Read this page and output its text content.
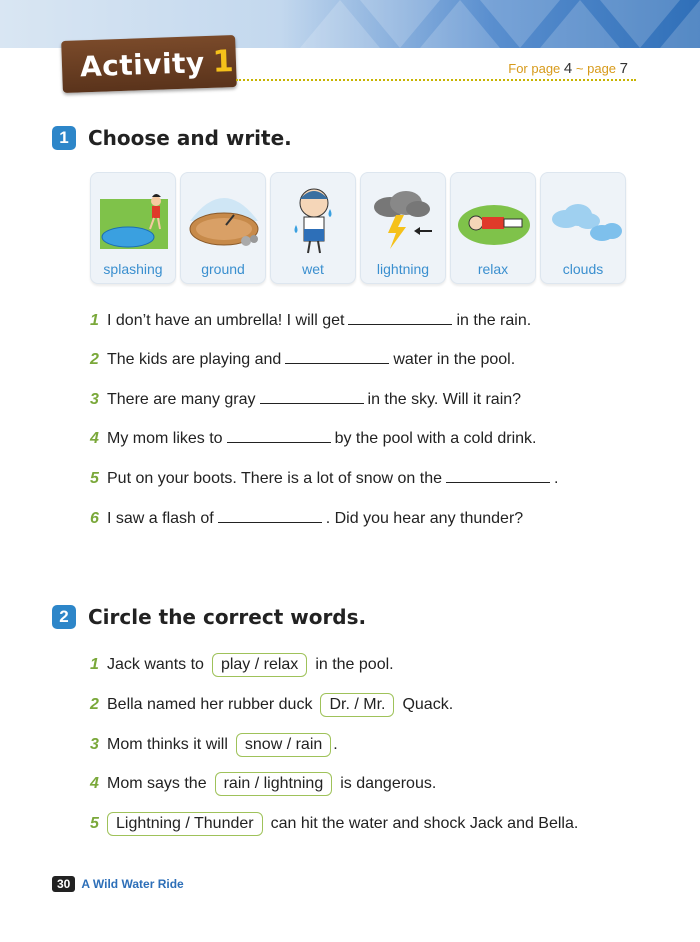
Activity 1	For page 4 ~ page 7
1 Choose and write.
splashing	ground	wet	lightning	relax	clouds
1 I don’t have an umbrella! I will get	in the rain.
2 The kids are playing and	water in the pool.
3 There are many gray	in the sky. Will it rain?
4 My mom likes to	by the pool with a cold drink.
5 Put on your boots. There is a lot of snow on the	.
6 I saw a flash of	. Did you hear any thunder?
2 Circle the correct words.
1 Jack wants to	play / relax	in the pool.
2 Bella named her rubber duck	Dr. / Mr.	Quack.
3 Mom thinks it will	snow / rain .
4 Mom says the	rain / lightning	is dangerous.
5	Lightning / Thunder	can hit the water and shock Jack and Bella.
30 A Wild Water Ride
